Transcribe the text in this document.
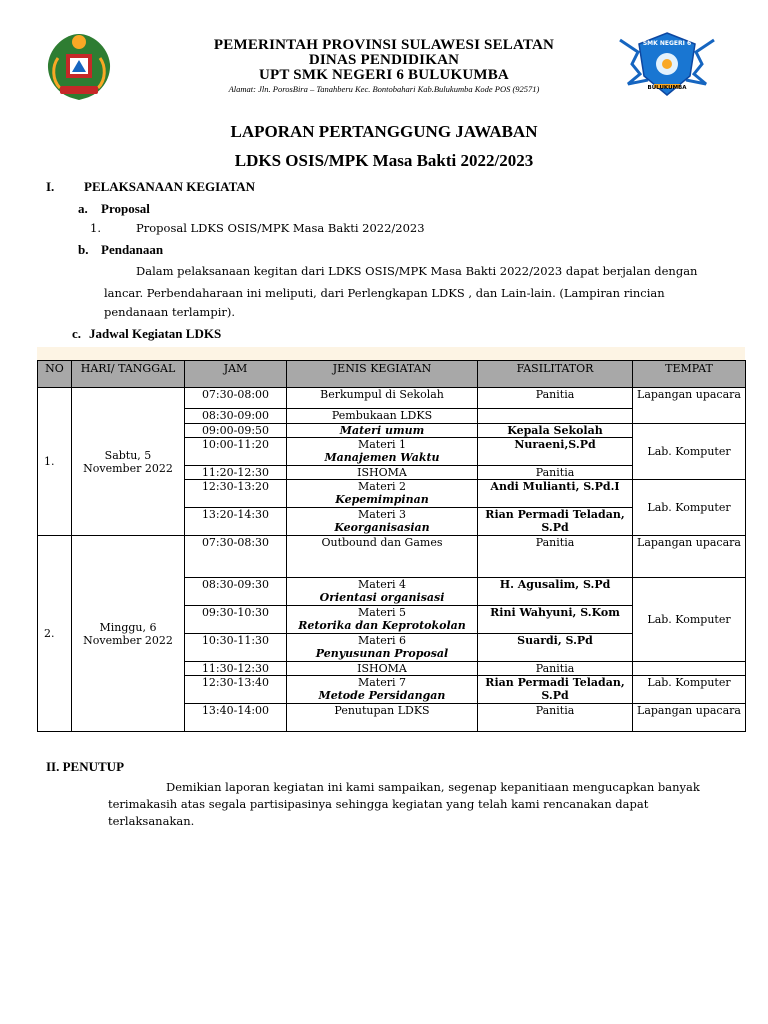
SMK NEGERI 6
BULUKUMBA
PEMERINTAH PROVINSI SULAWESI SELATAN
DINAS PENDIDIKAN
UPT SMK NEGERI 6 BULUKUMBA
Alamat: Jln. PorosBira – Tanahberu Kec. Bontobahari Kab.Bulukumba Kode POS (92571)
LAPORAN PERTANGGUNG JAWABAN
LDKS OSIS/MPK Masa Bakti 2022/2023
I. PELAKSANAAN KEGIATAN
a. Proposal
1.	Proposal LDKS OSIS/MPK Masa Bakti 2022/2023
b. Pendanaan
Dalam pelaksanaan kegitan dari LDKS OSIS/MPK Masa Bakti 2022/2023 dapat berjalan dengan
lancar. Perbendaharaan ini meliputi, dari Perlengkapan LDKS , dan Lain-lain. (Lampiran rincian
pendanaan terlampir).
c. Jadwal Kegiatan LDKS
NO	HARI/ TANGGAL	JAM	JENIS KEGIATAN	FASILITATOR	TEMPAT
1.	Sabtu, 5 November 2022	07:30-08:00	Berkumpul di Sekolah	Panitia	Lapangan upacara
		08:30-09:00	Pembukaan LDKS		
		09:00-09:50	Materi umum	Kepala Sekolah	Lab. Komputer
		10:00-11:20	Materi 1
Manajemen Waktu	Nuraeni,S.Pd	
		11:20-12:30	ISHOMA	Panitia	
		12:30-13:20	Materi 2
Kepemimpinan	Andi Mulianti, S.Pd.I	Lab. Komputer
		13:20-14:30	Materi 3
Keorganisasian	Rian Permadi Teladan, S.Pd	
2.	Minggu, 6 November 2022	07:30-08:30	Outbound dan Games	Panitia	Lapangan upacara
		08:30-09:30	Materi 4
Orientasi organisasi	H. Agusalim, S.Pd	Lab. Komputer
		09:30-10:30	Materi 5
Retorika dan Keprotokolan	Rini Wahyuni, S.Kom	
		10:30-11:30	Materi 6
Penyusunan Proposal	Suardi, S.Pd	
		11:30-12:30	ISHOMA	Panitia	
		12:30-13:40	Materi 7
Metode Persidangan	Rian Permadi Teladan, S.Pd	Lab. Komputer
		13:40-14:00	Penutupan LDKS	Panitia	Lapangan upacara
II. PENUTUP
Demikian laporan kegiatan ini kami sampaikan, segenap kepanitiaan mengucapkan banyak
terimakasih atas segala partisipasinya sehingga kegiatan yang telah kami rencanakan dapat
terlaksanakan.
